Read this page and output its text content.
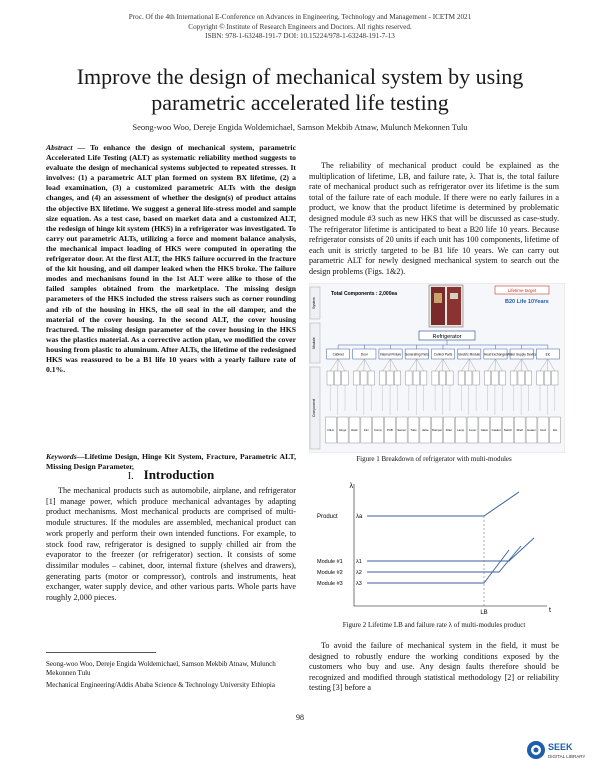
Proc. Of the 4th International E-Conference on Advances in Engineering, Technology and Management - ICETM 2021
Copyright © Institute of Research Engineers and Doctors. All rights reserved.
ISBN: 978-1-63248-191-7 DOI: 10.15224/978-1-63248-191-7-13
Improve the design of mechanical system by using parametric accelerated life testing
Seong-woo Woo, Dereje Engida Woldemichael, Samson Mekbib Atnaw, Mulunch Mekonnen Tulu
Abstract — To enhance the design of mechanical system, parametric Accelerated Life Testing (ALT) as systematic reliability method suggests to evaluate the design of mechanical systems subjected to repeated stresses. It involves: (1) a parametric ALT plan formed on system BX lifetime, (2) a load examination, (3) a customized parametric ALTs with the design changes, and (4) an assessment of whether the design(s) of product attains the objective BX lifetime. We suggest a general life-stress model and sample size equation. As a test case, based on market data and a customized ALT, the redesign of hinge kit system (HKS) in a refrigerator was investigated. To carry out parametric ALTs, utilizing a force and moment balance analysis, the mechanical impact loading of HKS were computed in operating the refrigerator door. At the first ALT, the HKS failure occurred in the fracture of the kit housing, and oil damper leaked when the HKS broke. The failure modes and mechanisms found in the 1st ALT were alike to those of the failed samples obtained from the marketplace. The missing design parameters of the HKS included the stress raisers such as corner rounding and rib of the housing in HKS, the oil seal in the oil damper, and the material of the cover housing. In the second ALT, the cover housing fractured. The missing design parameter of the cover housing in the HKS was the plastics material. As a corrective action plan, we modified the cover housing from plastic to aluminum. After ALTs, the lifetime of the redesigned HKS was reassured to be a B1 life 10 years with a yearly failure rate of 0.1%.
Keywords—Lifetime Design, Hinge Kit System, Fracture, Parametric ALT, Missing Design Parameter,
I. Introduction
The mechanical products such as automobile, airplane, and refrigerator [1] manage power, which produce mechanical advantages by adapting product mechanisms. Most mechanical products are comprised of multi-module structures. If the modules are assembled, mechanical product can work properly and perform their own intended functions. For example, to stock food raw, refrigerator is designed to supply chilled air from the evaporator to the freezer (or refrigerator) section. It consists of some dissimilar modules – cabinet, door, internal fixture (shelves and drawers), generating parts (motor or compressor), controls and instruments, heat exchanger, water supply device, and other various parts. Whole parts have roughly 2,000 pieces.
Seong-woo Woo, Dereje Engida Woldemichael, Samson Mekbib Atnaw, Mulunch Mekonnen Tulu
Mechanical Engineering/Addis Ababa Science & Technology University Ethiopia
The reliability of mechanical product could be explained as the multiplication of lifetime, LB, and failure rate, λ. That is, the total failure rate of mechanical product such as refrigerator over its lifetime is the sum total of the failure rate of each module. If there were no early failures in a product, we know that the product lifetime is determined by problematic designed module #3 such as new HKS that will be discussed as case-study. The refrigerator lifetime is anticipated to beat a B20 life 10 years. Because refrigerator consists of 20 units if each unit has 100 components, lifetime of each unit is strictly targeted to be B1 life 10 years. We can carry out parametric ALT for newly designed mechanical system to search out the design problems (Figs. 1&2).
System
Module
Component
Total Components : 2,000ea
Lifetime target
B20 Life 10Years
Refrigerator
Cabinet	Door	Internal Fixture Generating Parts Control Parts Electric Module Heat Exchanger Water Supply Device	Etc
Fill-in Hinge Rack Fan Comp. PCB Sensor Tube Valve Damper Filter Lamp Cover Glass Gasket Switch Shelf Heater Duct Etc
Figure 1 Breakdown of refrigerator with multi-modules
λ
t
Product	λa
Module #1
Module #2
Module #3
λ1
λ2
λ3
LB
Figure 2 Lifetime LB and failure rate λ of multi-modules product
To avoid the failure of mechanical system in the field, it must be designed to robustly endure the working conditions exposed by the customers who buy and use. Any design faults therefore should be recognized and modified through statistical methodology [2] or reliability testing [3] before a
98
SEEK
DIGITAL LIBRARY
